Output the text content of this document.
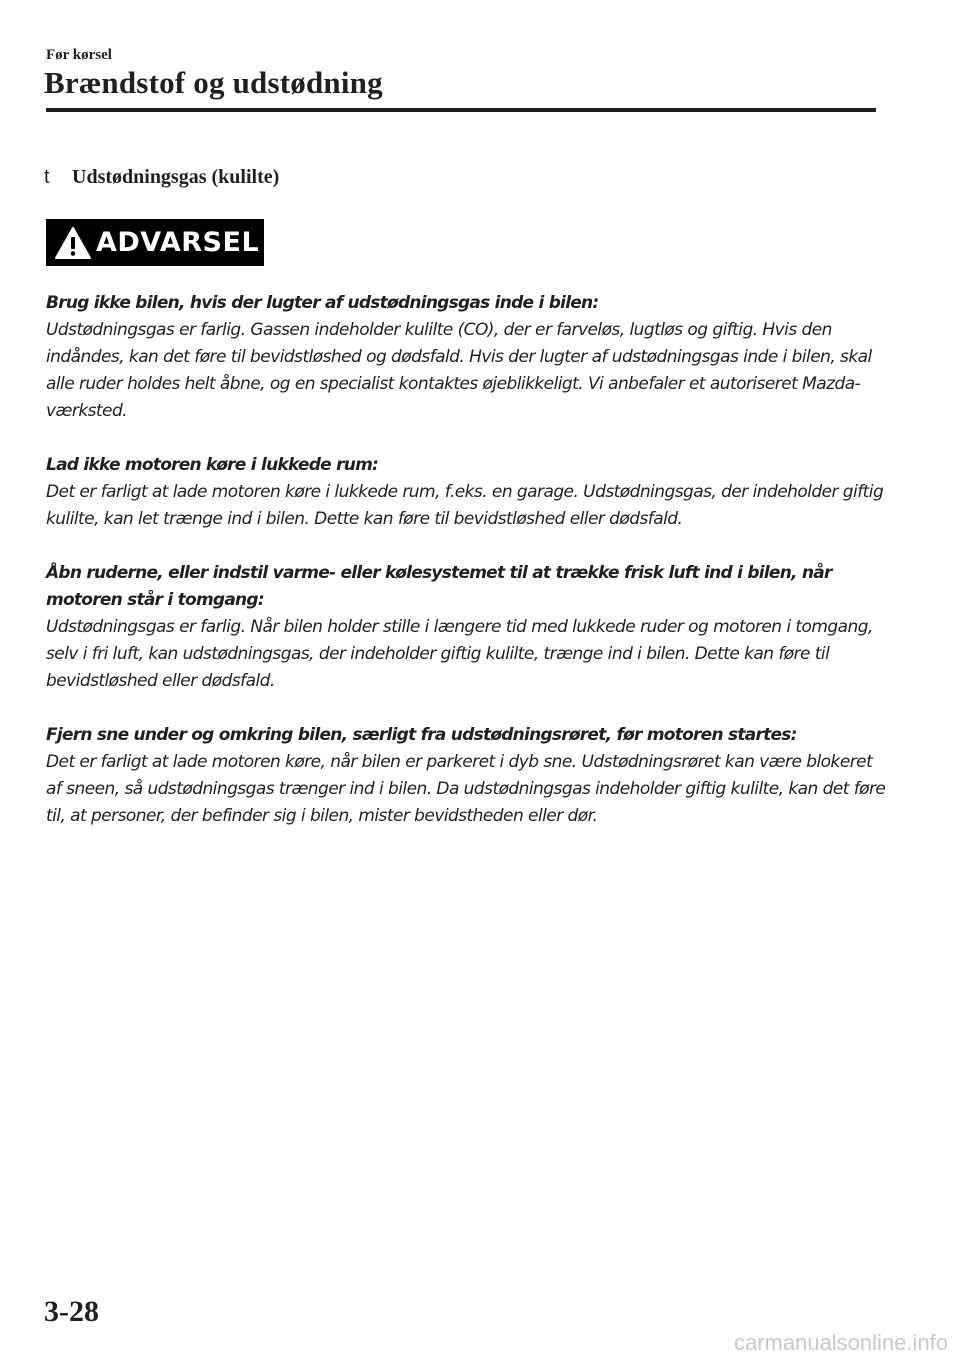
Før kørsel
Brændstof og udstødning
t Udstødningsgas (kulilte)
ADVARSEL
Brug ikke bilen, hvis der lugter af udstødningsgas inde i bilen:
Udstødningsgas er farlig. Gassen indeholder kulilte (CO), der er farveløs, lugtløs og giftig. Hvis den indåndes, kan det føre til bevidstløshed og dødsfald. Hvis der lugter af udstødningsgas inde i bilen, skal alle ruder holdes helt åbne, og en specialist kontaktes øjeblikkeligt. Vi anbefaler et autoriseret Mazda-værksted.
Lad ikke motoren køre i lukkede rum:
Det er farligt at lade motoren køre i lukkede rum, f.eks. en garage. Udstødningsgas, der indeholder giftig kulilte, kan let trænge ind i bilen. Dette kan føre til bevidstløshed eller dødsfald.
Åbn ruderne, eller indstil varme- eller kølesystemet til at trække frisk luft ind i bilen, når motoren står i tomgang:
Udstødningsgas er farlig. Når bilen holder stille i længere tid med lukkede ruder og motoren i tomgang, selv i fri luft, kan udstødningsgas, der indeholder giftig kulilte, trænge ind i bilen. Dette kan føre til bevidstløshed eller dødsfald.
Fjern sne under og omkring bilen, særligt fra udstødningsrøret, før motoren startes:
Det er farligt at lade motoren køre, når bilen er parkeret i dyb sne. Udstødningsrøret kan være blokeret af sneen, så udstødningsgas trænger ind i bilen. Da udstødningsgas indeholder giftig kulilte, kan det føre til, at personer, der befinder sig i bilen, mister bevidstheden eller dør.
3-28
carmanualsonline.info
